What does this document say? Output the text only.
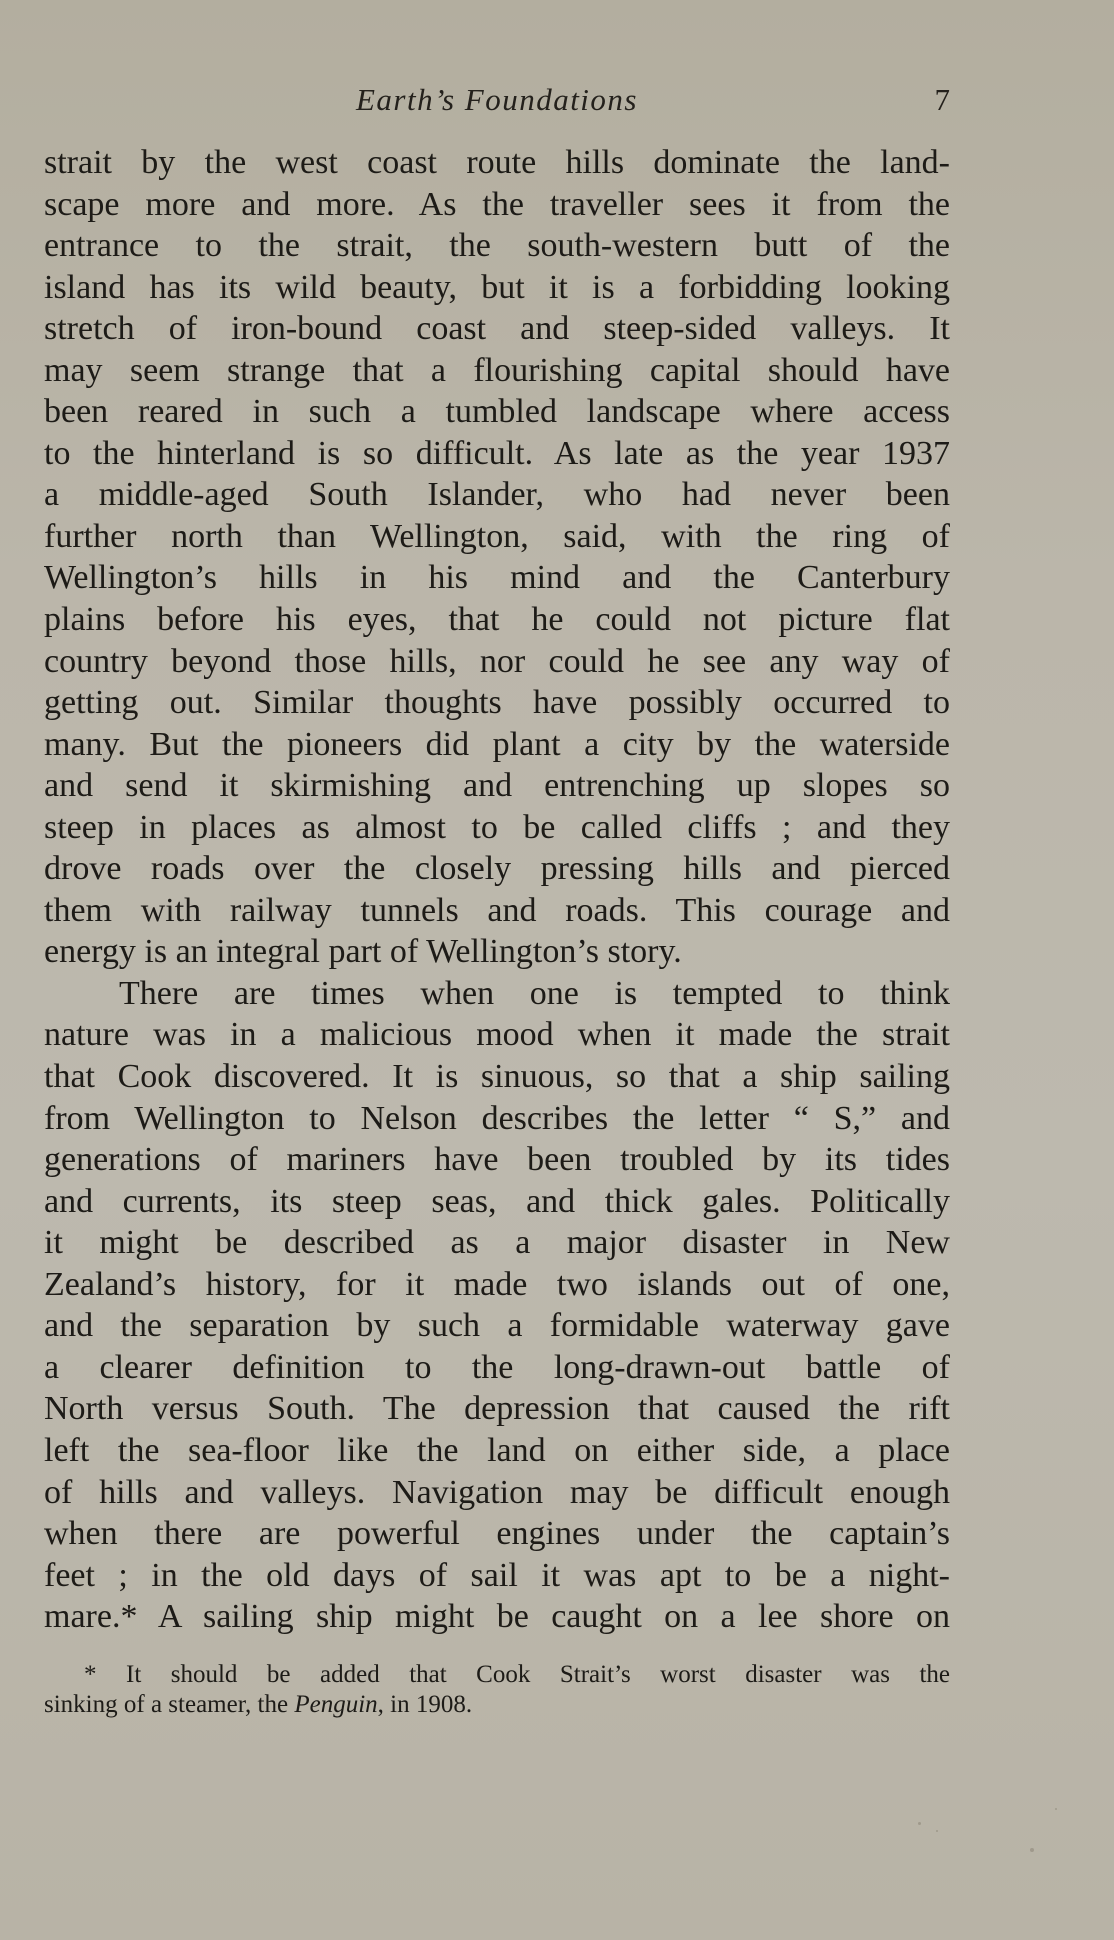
Earth’s Foundations	7
strait by the west coast route hills dominate the land-
scape more and more. As the traveller sees it from the
entrance to the strait, the south-western butt of the
island has its wild beauty, but it is a forbidding looking
stretch of iron-bound coast and steep-sided valleys. It
may seem strange that a flourishing capital should have
been reared in such a tumbled landscape where access
to the hinterland is so difficult. As late as the year 1937
a middle-aged South Islander, who had never been
further north than Wellington, said, with the ring of
Wellington’s hills in his mind and the Canterbury
plains before his eyes, that he could not picture flat
country beyond those hills, nor could he see any way of
getting out. Similar thoughts have possibly occurred to
many. But the pioneers did plant a city by the waterside
and send it skirmishing and entrenching up slopes so
steep in places as almost to be called cliffs ; and they
drove roads over the closely pressing hills and pierced
them with railway tunnels and roads. This courage and
energy is an integral part of Wellington’s story.
There are times when one is tempted to think
nature was in a malicious mood when it made the strait
that Cook discovered. It is sinuous, so that a ship sailing
from Wellington to Nelson describes the letter “ S,” and
generations of mariners have been troubled by its tides
and currents, its steep seas, and thick gales. Politically
it might be described as a major disaster in New
Zealand’s history, for it made two islands out of one,
and the separation by such a formidable waterway gave
a clearer definition to the long-drawn-out battle of
North versus South. The depression that caused the rift
left the sea-floor like the land on either side, a place
of hills and valleys. Navigation may be difficult enough
when there are powerful engines under the captain’s
feet ; in the old days of sail it was apt to be a night-
mare.* A sailing ship might be caught on a lee shore on
* It should be added that Cook Strait’s worst disaster was the
sinking of a steamer, the Penguin, in 1908.
